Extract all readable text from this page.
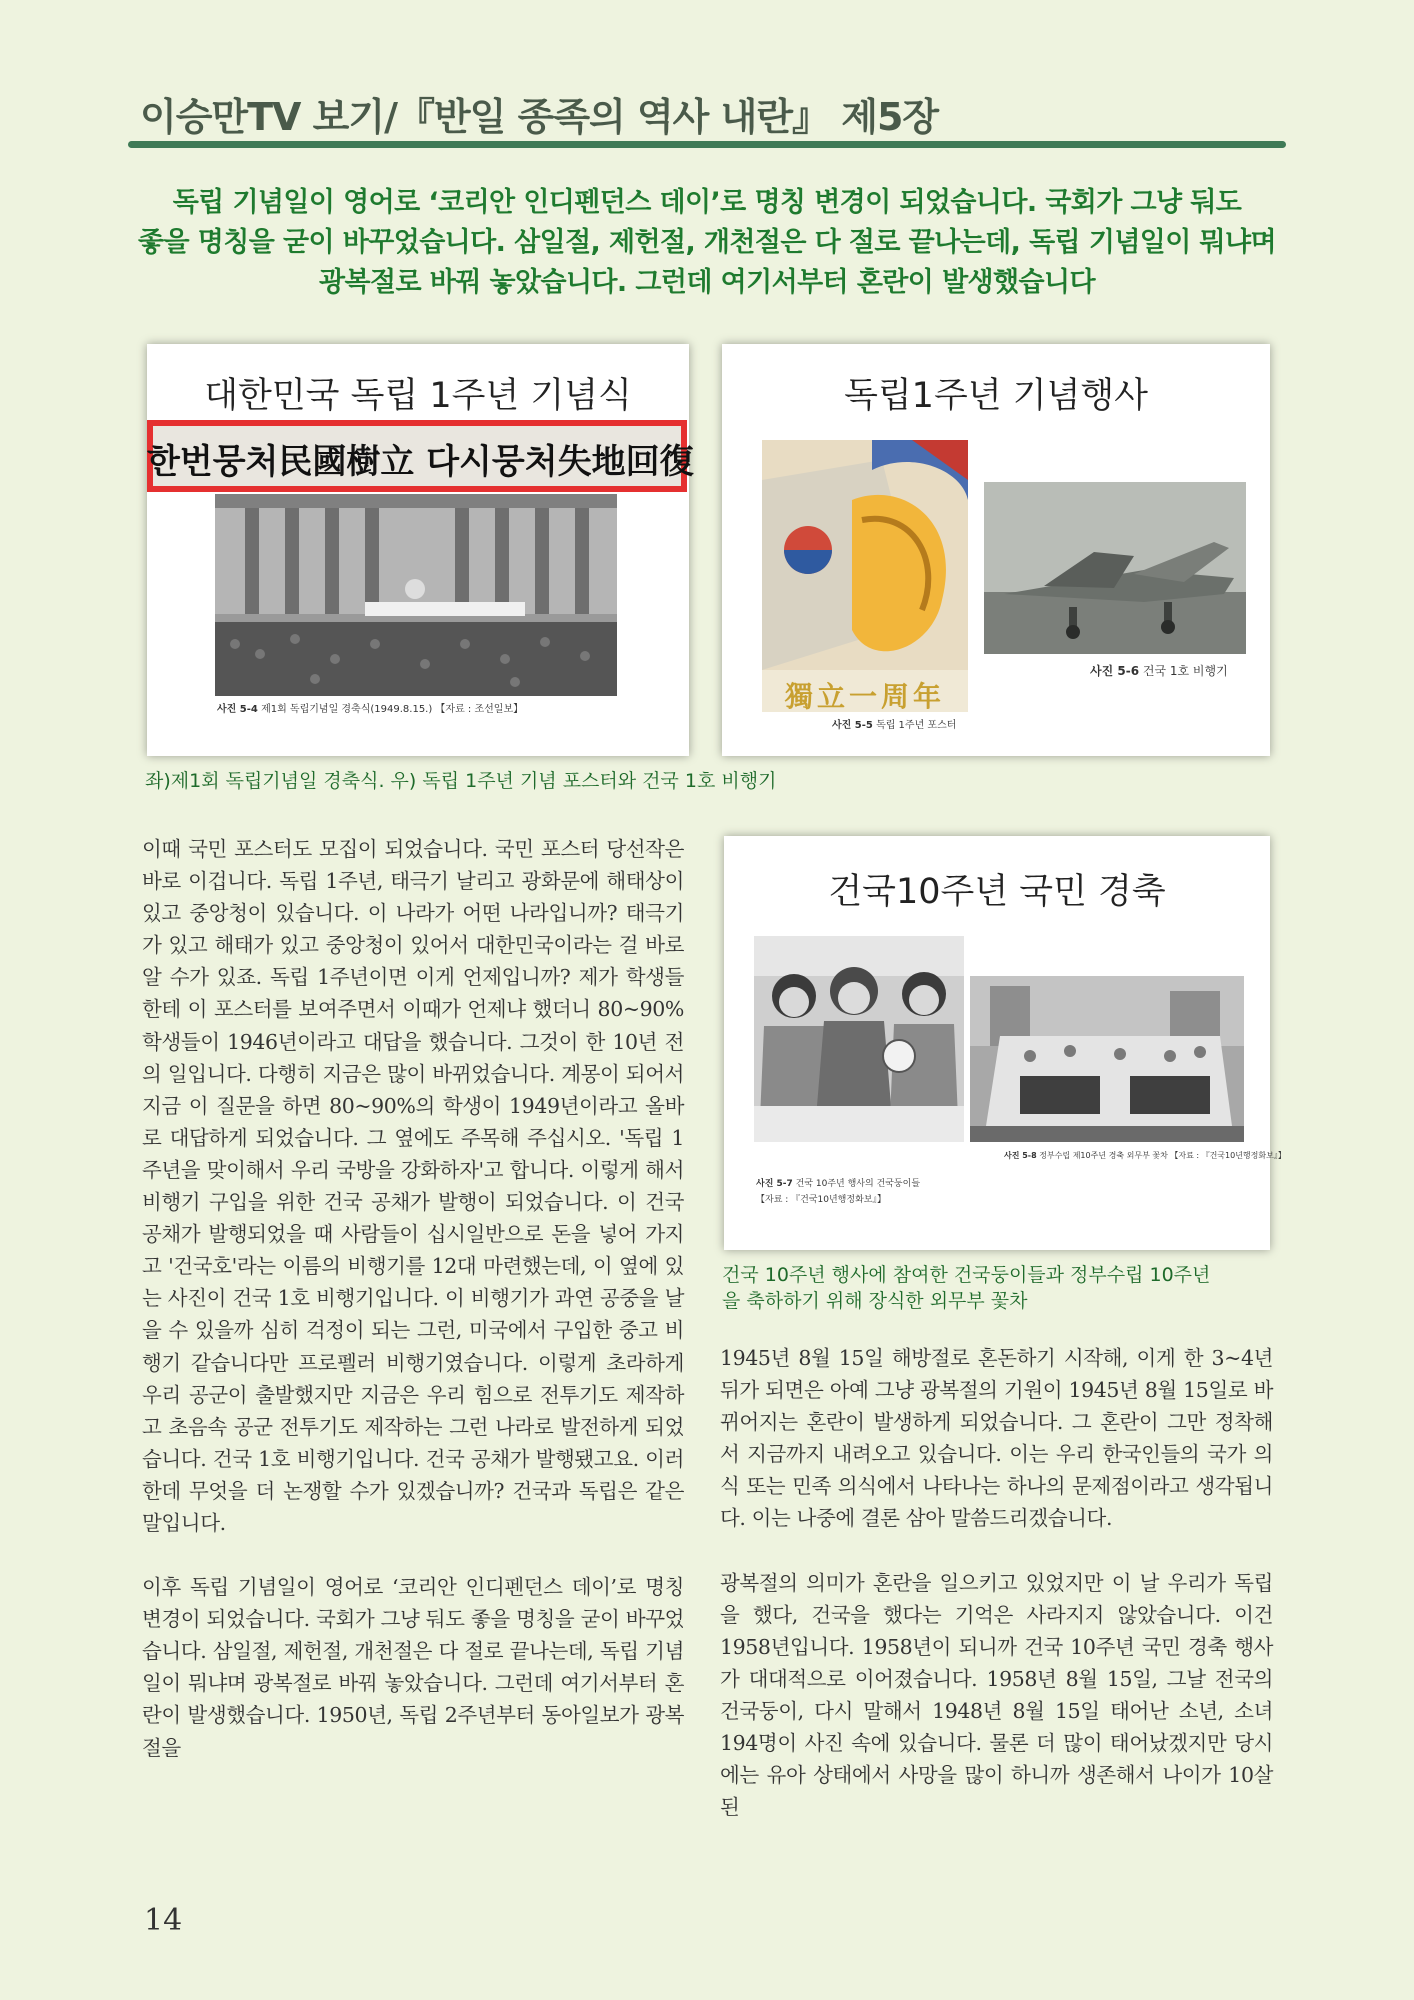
이승만TV 보기/『반일 종족의 역사 내란』 제5장
독립 기념일이 영어로 ‘코리안 인디펜던스 데이’로 명칭 변경이 되었습니다. 국회가 그냥 둬도
좋을 명칭을 굳이 바꾸었습니다. 삼일절, 제헌절, 개천절은 다 절로 끝나는데, 독립 기념일이 뭐냐며
광복절로 바꿔 놓았습니다. 그런데 여기서부터 혼란이 발생했습니다
대한민국 독립 1주년 기념식
한번뭉처民國樹立 다시뭉처失地回復
사진 5-4 제1회 독립기념일 경축식(1949.8.15.) 【자료 : 조선일보】
독립1주년 기념행사
獨立一周年
사진 5-5 독립 1주년 포스터
사진 5-6 건국 1호 비행기
좌)제1회 독립기념일 경축식. 우) 독립 1주년 기념 포스터와 건국 1호 비행기
건국10주년 국민 경축
사진 5-7 건국 10주년 행사의 건국둥이들
【자료 : 『건국10년행정화보』】
사진 5-8 정부수립 제10주년 경축 외무부 꽃차 【자료 : 『건국10년행정화보』】
건국 10주년 행사에 참여한 건국둥이들과 정부수립 10주년
을 축하하기 위해 장식한 외무부 꽃차

이때 국민 포스터도 모집이 되었습니다. 국민 포스터 당선작은 바로 이겁니다. 독립 1주년, 태극기 날리고 광화문에 해태상이 있고 중앙청이 있습니다. 이 나라가 어떤 나라입니까? 태극기가 있고 해태가 있고 중앙청이 있어서 대한민국이라는 걸 바로 알 수가 있죠. 독립 1주년이면 이게 언제입니까? 제가 학생들한테 이 포스터를 보여주면서 이때가 언제냐 했더니 80~90% 학생들이 1946년이라고 대답을 했습니다. 그것이 한 10년 전의 일입니다. 다행히 지금은 많이 바뀌었습니다. 계몽이 되어서 지금 이 질문을 하면 80~90%의 학생이 1949년이라고 올바로 대답하게 되었습니다. 그 옆에도 주목해 주십시오. '독립 1주년을 맞이해서 우리 국방을 강화하자'고 합니다. 이렇게 해서 비행기 구입을 위한 건국 공채가 발행이 되었습니다. 이 건국 공채가 발행되었을 때 사람들이 십시일반으로 돈을 넣어 가지고 '건국호'라는 이름의 비행기를 12대 마련했는데, 이 옆에 있는 사진이 건국 1호 비행기입니다. 이 비행기가 과연 공중을 날을 수 있을까 심히 걱정이 되는 그런, 미국에서 구입한 중고 비행기 같습니다만 프로펠러 비행기였습니다. 이렇게 초라하게 우리 공군이 출발했지만 지금은 우리 힘으로 전투기도 제작하고 초음속 공군 전투기도 제작하는 그런 나라로 발전하게 되었습니다. 건국 1호 비행기입니다. 건국 공채가 발행됐고요. 이러한데 무엇을 더 논쟁할 수가 있겠습니까? 건국과 독립은 같은 말입니다.

이후 독립 기념일이 영어로 ‘코리안 인디펜던스 데이’로 명칭 변경이 되었습니다. 국회가 그냥 둬도 좋을 명칭을 굳이 바꾸었습니다. 삼일절, 제헌절, 개천절은 다 절로 끝나는데, 독립 기념일이 뭐냐며 광복절로 바꿔 놓았습니다. 그런데 여기서부터 혼란이 발생했습니다. 1950년, 독립 2주년부터 동아일보가 광복절을

1945년 8월 15일 해방절로 혼돈하기 시작해, 이게 한 3~4년 뒤가 되면은 아예 그냥 광복절의 기원이 1945년 8월 15일로 바뀌어지는 혼란이 발생하게 되었습니다. 그 혼란이 그만 정착해서 지금까지 내려오고 있습니다. 이는 우리 한국인들의 국가 의식 또는 민족 의식에서 나타나는 하나의 문제점이라고 생각됩니다. 이는 나중에 결론 삼아 말씀드리겠습니다.

광복절의 의미가 혼란을 일으키고 있었지만 이 날 우리가 독립을 했다, 건국을 했다는 기억은 사라지지 않았습니다. 이건 1958년입니다. 1958년이 되니까 건국 10주년 국민 경축 행사가 대대적으로 이어졌습니다. 1958년 8월 15일, 그날 전국의 건국둥이, 다시 말해서 1948년 8월 15일 태어난 소년, 소녀 194명이 사진 속에 있습니다. 물론 더 많이 태어났겠지만 당시에는 유아 상태에서 사망을 많이 하니까 생존해서 나이가 10살 된

14
